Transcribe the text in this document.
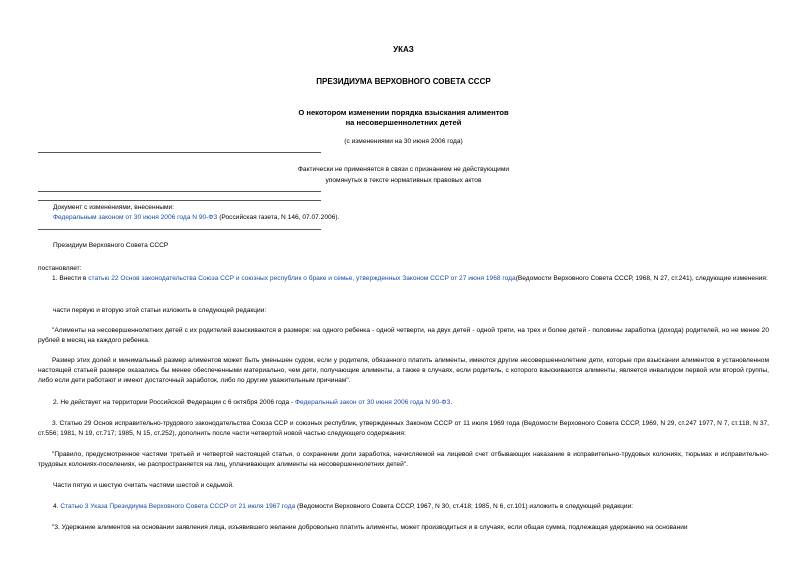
УКАЗ
ПРЕЗИДИУМА ВЕРХОВНОГО СОВЕТА СССР
О некотором изменении порядка взыскания алиментов
на несовершеннолетних детей
(с изменениями на 30 июня 2006 года)
Фактически не применяется в связи с признанием не действующими
упомянутых в тексте нормативных правовых актов
Документ с изменениями, внесенными:
Федеральным законом от 30 июня 2006 года N 90-ФЗ (Российская газета, N 146, 07.07.2006).
Президиум Верховного Совета СССР
постановляет:

1. Внести в статью 22 Основ законодательства Союза ССР и союзных республик о браке и семье, утвержденных Законом СССР от 27 июня 1968 года(Ведомости Верховного Совета СССР, 1968, N 27, ст.241), следующие изменения:

части первую и вторую этой статьи изложить в следующей редакции:

"Алименты на несовершеннолетних детей с их родителей взыскиваются в размере: на одного ребенка - одной четверти, на двух детей - одной трети, на трех и более детей - половины заработка (дохода) родителей, но не менее 20 рублей в месяц на каждого ребенка.

Размер этих долей и минимальный размер алиментов может быть уменьшен судом, если у родителя, обязанного платить алименты, имеются другие несовершеннолетние дети, которые при взыскании алиментов в установленном настоящей статьей размере оказались бы менее обеспеченными материально, чем дети, получающие алименты, а также в случаях, если родитель, с которого взыскиваются алименты, является инвалидом первой или второй группы, либо если дети работают и имеют достаточный заработок, либо по другим уважительным причинам".

2. Не действует на территории Российской Федерации с 6 октября 2006 года - Федеральный закон от 30 июня 2006 года N 90-ФЗ.

3. Статью 29 Основ исправительно-трудового законодательства Союза ССР и союзных республик, утвержденных Законом СССР от 11 июля 1969 года (Ведомости Верховного Совета СССР, 1969, N 29, ст.247 1977, N 7, ст.118, N 37, ст.556; 1981, N 19, ст.717; 1985, N 15, ст.252), дополнить после части четвертой новой частью следующего содержания:

"Правило, предусмотренное частями третьей и четвертой настоящей статьи, о сохранении доли заработка, начисляемой на лицевой счет отбывающих наказание в исправительно-трудовых колониях, тюрьмах и исправительно-трудовых колониях-поселениях, не распространяется на лиц, уплачивающих алименты на несовершеннолетних детей".

Части пятую и шестую считать частями шестой и седьмой.
4. Статью 3 Указа Президиума Верховного Совета СССР от 21 июля 1967 года (Ведомости Верховного Совета СССР, 1967, N 30, ст.418; 1985, N 6, ст.101) изложить в следующей редакции:

"3. Удержание алиментов на основании заявления лица, изъявившего желание добровольно платить алименты, может производиться и в случаях, если общая сумма, подлежащая удержанию на основании
